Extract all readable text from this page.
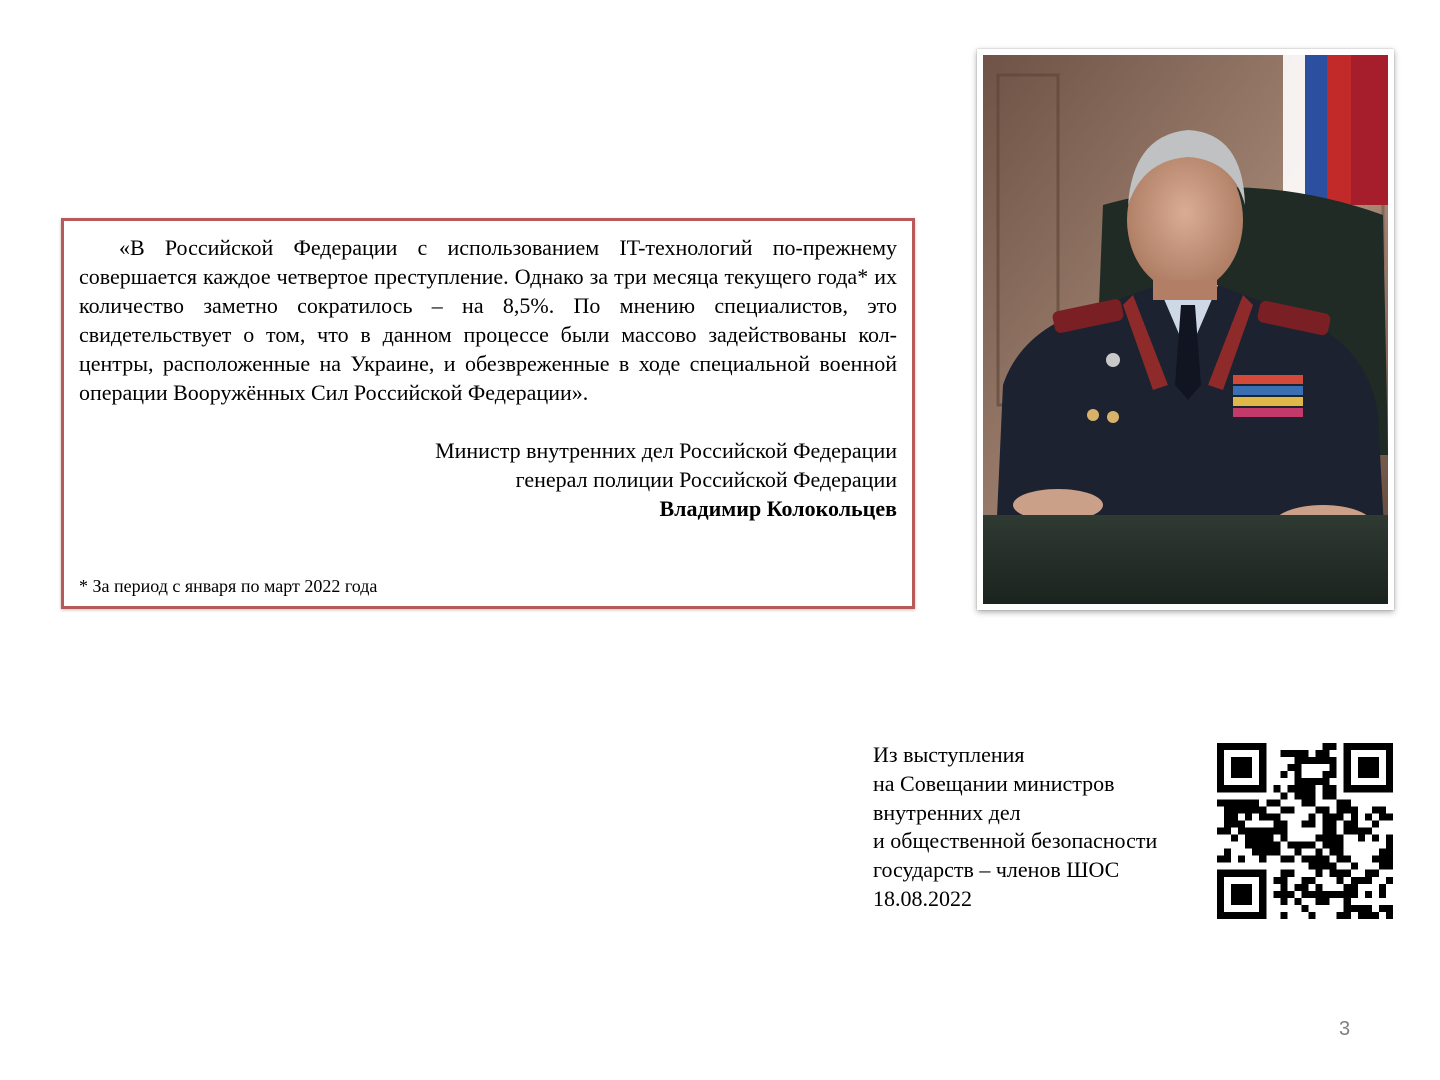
«В Российской Федерации с использованием IT-технологий по-прежнему совершается каждое четвертое преступление. Однако за три месяца текущего года* их количество заметно сократилось – на 8,5%. По мнению специалистов, это свидетельствует о том, что в данном процессе были массово задействованы кол-центры, расположенные на Украине, и обезвреженные в ходе специальной военной операции Вооружённых Сил Российской Федерации».

Министр внутренних дел Российской Федерации
генерал полиции Российской Федерации
Владимир Колокольцев
* За период с января по март 2022 года
Из выступления
на Совещании министров
внутренних дел
и общественной безопасности
государств – членов ШОС
18.08.2022
3
